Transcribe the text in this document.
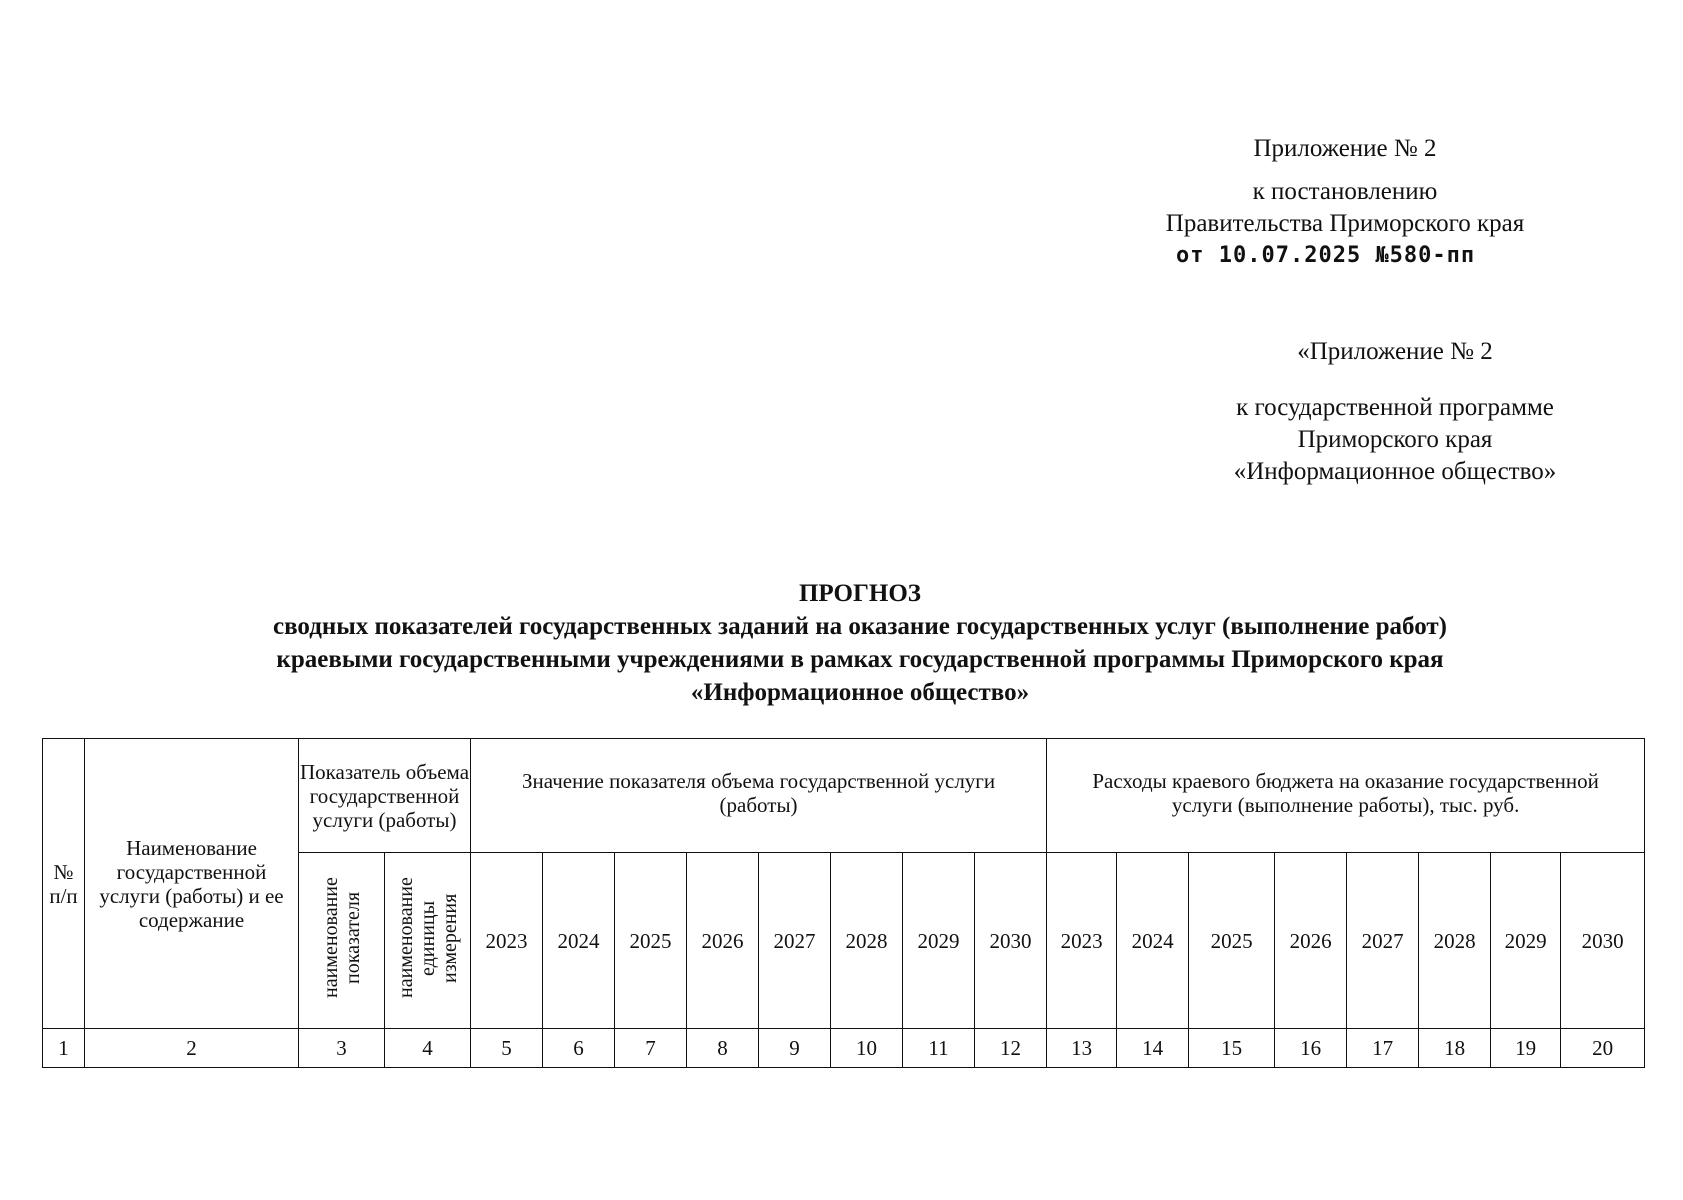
Приложение № 2
к постановлению
Правительства Приморского края
от 10.07.2025 №580-пп
«Приложение № 2
к государственной программе
Приморского края
«Информационное общество»
ПРОГНОЗ
сводных показателей государственных заданий на оказание государственных услуг (выполнение работ)
краевыми государственными учреждениями в рамках государственной программы Приморского края
«Информационное общество»
№ п/п	Наименование государственной услуги (работы) и ее содержание	Показатель объема государственной услуги (работы)		Значение показателя объема государственной услуги (работы)								Расходы краевого бюджета на оказание государственной услуги (выполнение работы), тыс. руб.							
		наименование показателя	наименование единицы измерения	2023	2024	2025	2026	2027	2028	2029	2030	2023	2024	2025	2026	2027	2028	2029	2030
1	2	3	4	5	6	7	8	9	10	11	12	13	14	15	16	17	18	19	20
